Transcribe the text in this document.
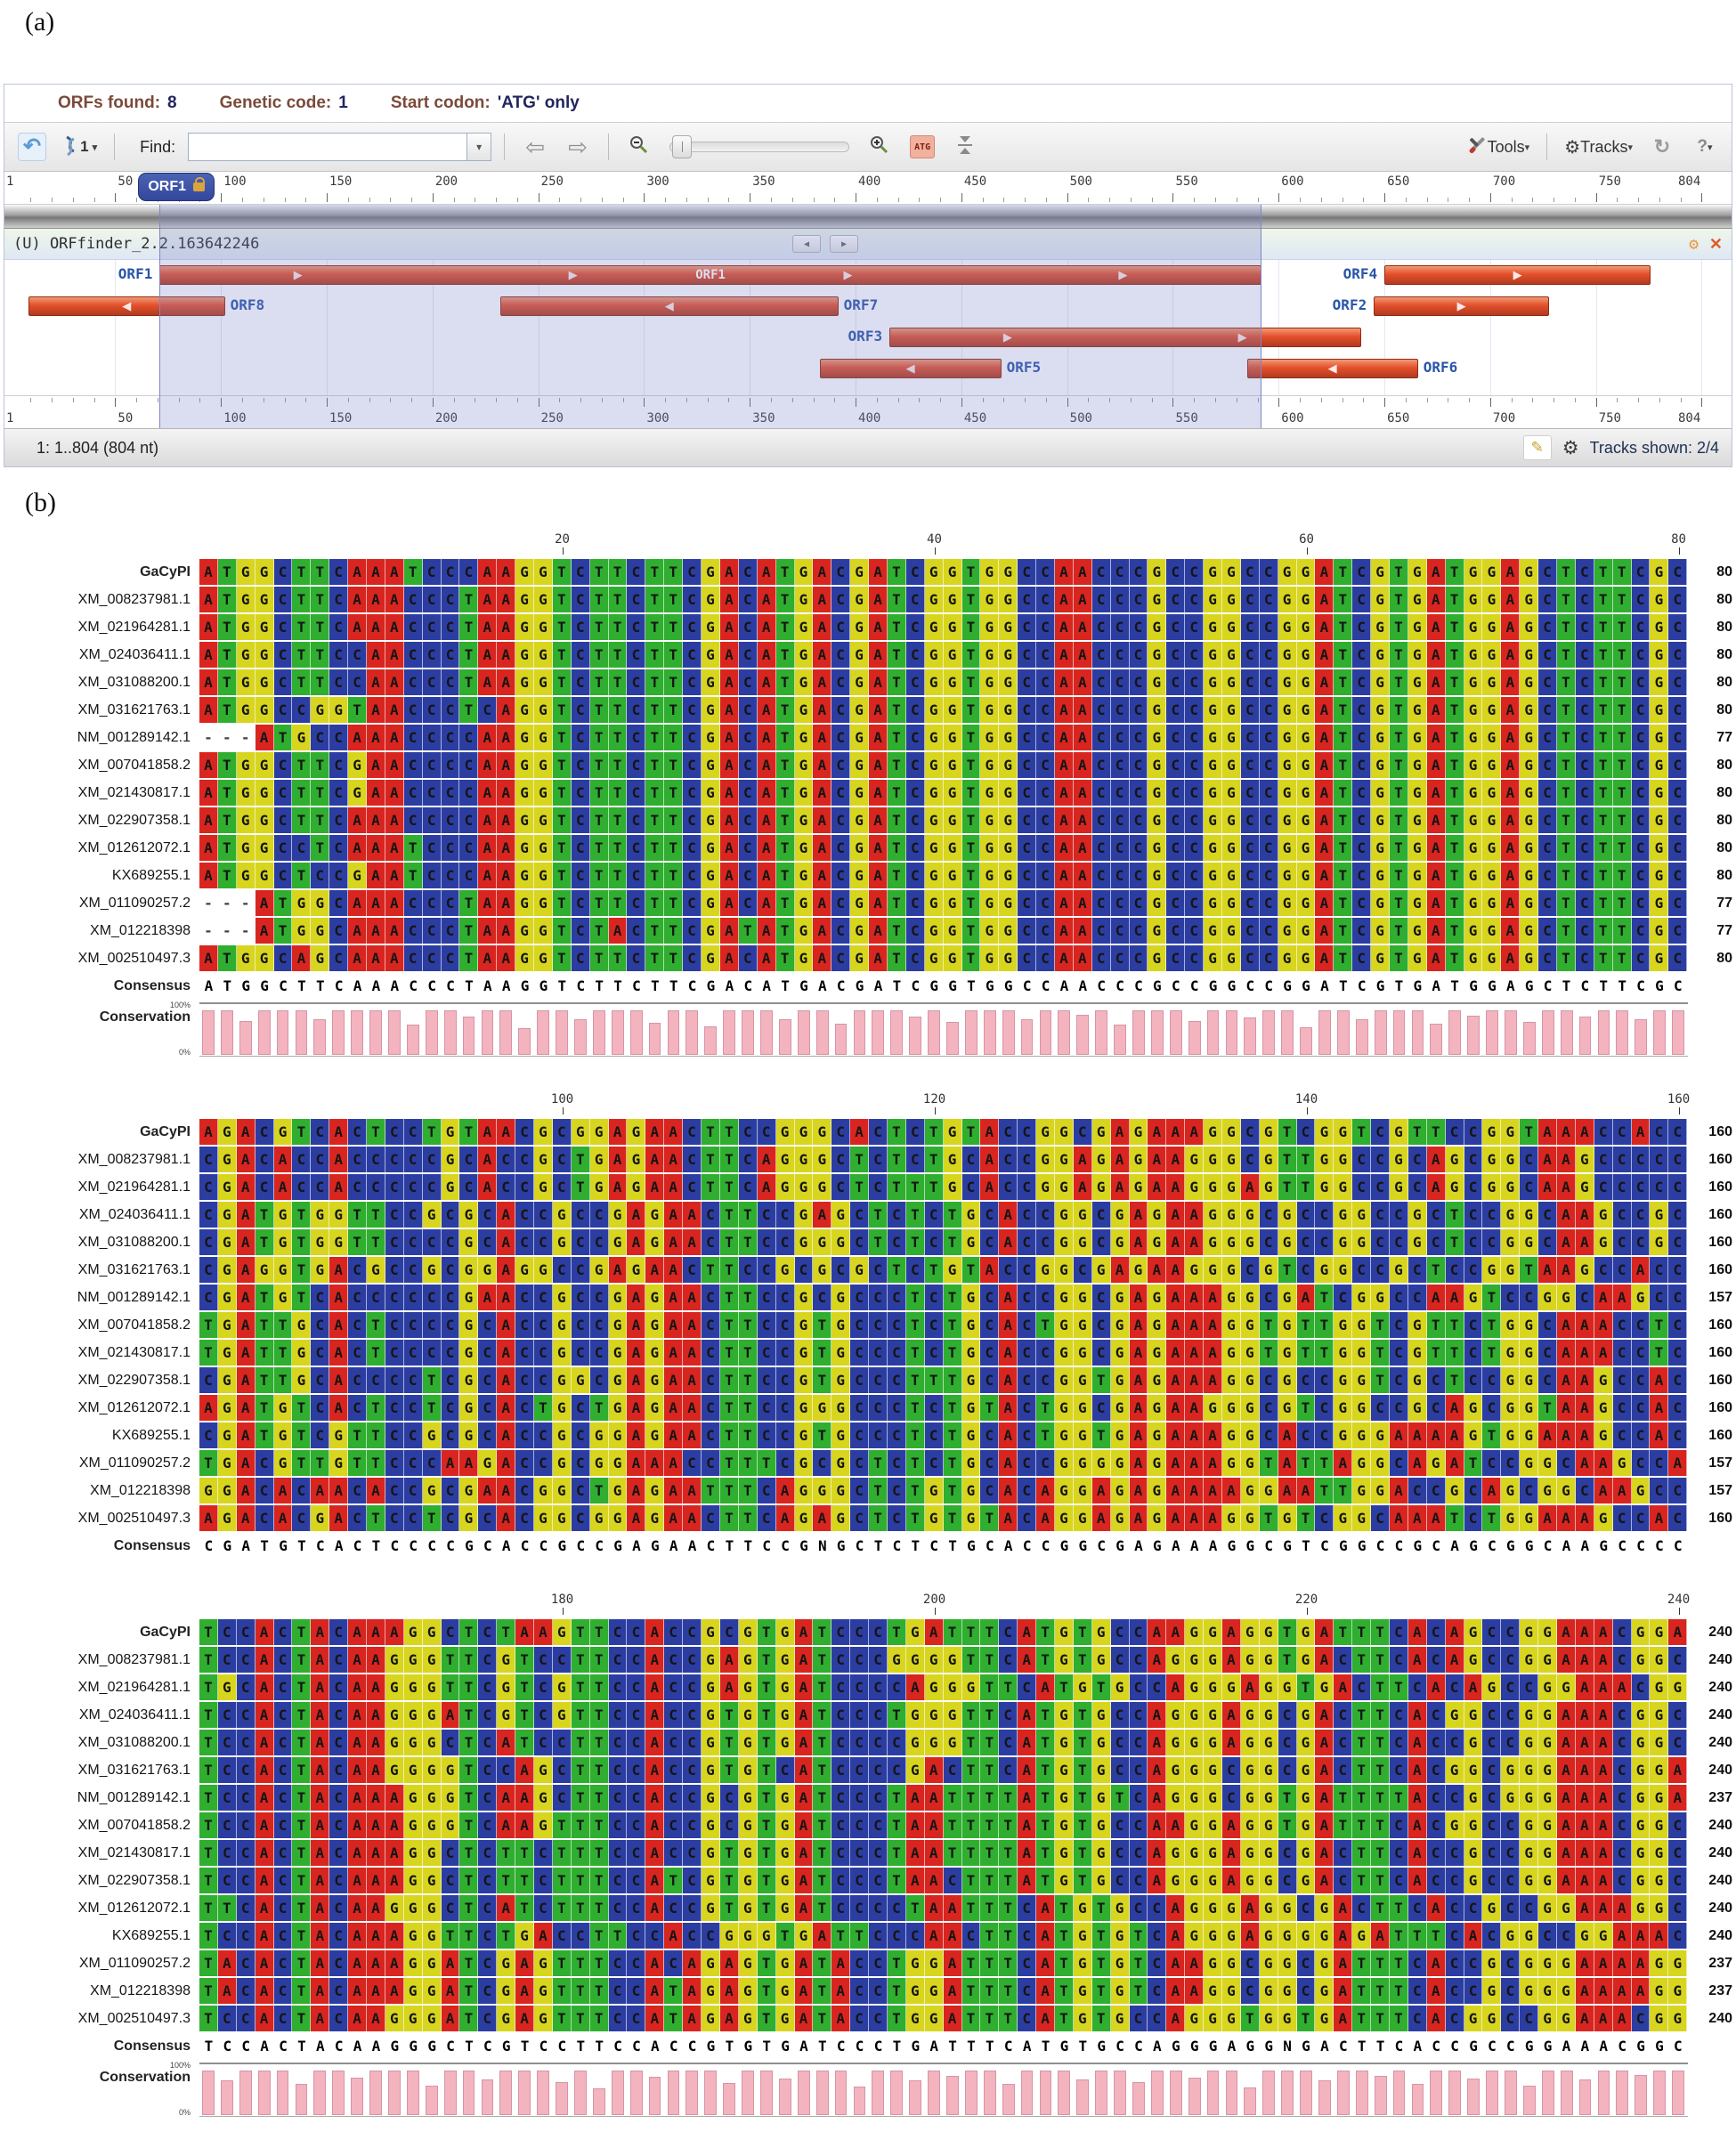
(a)
ORFs found: 8	Genetic code: 1	Start codon: 'ATG' only
↶	1 ▾	Find:	▾ ⇦ ⇨	ATG	Tools ▾ ⚙ Tracks ▾ ↻ ? ▾
50	100	150	200	250	300	350	400	450	500	550	600	650	700	750
1	804
(U) ORFfinder_2.2.163642246	◀	▶	⚙ ✕
▶	▶	▶	▶
ORF1
ORF1	▶
ORF4
◀	ORF8	◀	ORF7	▶
ORF2
▶	▶
ORF3
◀	ORF5	◀	ORF6
50	100	150	200	250	300	350	400	450	500	550	600	650	700	750
1	804
ORF1
1: 1..804 (804 nt)	✎ ⚙ Tracks shown: 2/4
(b)
20	40	60	80
GaCyPI A T G G C T T C A A A T C C C A A G G T C T T C T T C G A C A T G A C G A T C G G T G G C C A A C C C G C C G G C C G G A T C G T G A T G G A G C T C T T C G C	80
XM_008237981.1 A T G G C T T C A A A C C C T A A G G T C T T C T T C G A C A T G A C G A T C G G T G G C C A A C C C G C C G G C C G G A T C G T G A T G G A G C T C T T C G C	80
XM_021964281.1 A T G G C T T C A A A C C C T A A G G T C T T C T T C G A C A T G A C G A T C G G T G G C C A A C C C G C C G G C C G G A T C G T G A T G G A G C T C T T C G C	80
XM_024036411.1 A T G G C T T C C A A C C C T A A G G T C T T C T T C G A C A T G A C G A T C G G T G G C C A A C C C G C C G G C C G G A T C G T G A T G G A G C T C T T C G C	80
XM_031088200.1 A T G G C T T C C A A C C C T A A G G T C T T C T T C G A C A T G A C G A T C G G T G G C C A A C C C G C C G G C C G G A T C G T G A T G G A G C T C T T C G C	80
XM_031621763.1 A T G G C C G G T A A C C C T C A G G T C T T C T T C G A C A T G A C G A T C G G T G G C C A A C C C G C C G G C C G G A T C G T G A T G G A G C T C T T C G C	80
NM_001289142.1 - - - A T G C C A A A C C C C A A G G T C T T C T T C G A C A T G A C G A T C G G T G G C C A A C C C G C C G G C C G G A T C G T G A T G G A G C T C T T C G C	77
XM_007041858.2 A T G G C T T C G A A C C C C A A G G T C T T C T T C G A C A T G A C G A T C G G T G G C C A A C C C G C C G G C C G G A T C G T G A T G G A G C T C T T C G C	80
XM_021430817.1 A T G G C T T C G A A C C C C A A G G T C T T C T T C G A C A T G A C G A T C G G T G G C C A A C C C G C C G G C C G G A T C G T G A T G G A G C T C T T C G C	80
XM_022907358.1 A T G G C T T C A A A C C C C A A G G T C T T C T T C G A C A T G A C G A T C G G T G G C C A A C C C G C C G G C C G G A T C G T G A T G G A G C T C T T C G C	80
XM_012612072.1 A T G G C C T C A A A T C C C A A G G T C T T C T T C G A C A T G A C G A T C G G T G G C C A A C C C G C C G G C C G G A T C G T G A T G G A G C T C T T C G C	80
KX689255.1 A T G G C T C C G A A T C C C A A G G T C T T C T T C G A C A T G A C G A T C G G T G G C C A A C C C G C C G G C C G G A T C G T G A T G G A G C T C T T C G C	80
XM_011090257.2 - - - A T G G C A A A C C C T A A G G T C T T C T T C G A C A T G A C G A T C G G T G G C C A A C C C G C C G G C C G G A T C G T G A T G G A G C T C T T C G C	77
XM_012218398 - - - A T G G C A A A C C C T A A G G T C T A C T T C G A T A T G A C G A T C G G T G G C C A A C C C G C C G G C C G G A T C G T G A T G G A G C T C T T C G C	77
XM_002510497.3 A T G G C A G C A A A C C C T A A G G T C T T C T T C G A C A T G A C G A T C G G T G G C C A A C C C G C C G G C C G G A T C G T G A T G G A G C T C T T C G C	80
Consensus A T G G C T T C A A A C C C T A A G G T C T T C T T C G A C A T G A C G A T C G G T G G C C A A C C C G C C G G C C G G A T C G T G A T G G A G C T C T T C G C
100%
Conservation
0%
100	120	140	160
GaCyPI A G A C G T C A C T C C T G T A A C G C G G A G A A C T T C C G G G C A C T C T G T A C C G G C G A G A A A G G C G T C G G T C G T T C C G G T A A A C C A C C	160
XM_008237981.1 C G A C A C C A C C C C C G C A C C G C T G A G A A C T T C A G G G C T C T C T G C A C C G G A G A G A A G G G C G T T G G C C G C A G C G G C A A G C C C C C	160
XM_021964281.1 C G A C A C C A C C C C C G C A C C G C T G A G A A C T T C A G G G C T C T T T G C A C C G G A G A G A A G G G A G T T G G C C G C A G C G G C A A G C C C C C	160
XM_024036411.1 C G A T G T G G T T C C G C G C A C C G C C G A G A A C T T C C G A G C T C T C T G C A C C G G C G A G A A G G G C G C C G G C C G C T C C G G C A A G C C G C	160
XM_031088200.1 C G A T G T G G T T C C C C G C A C C G C C G A G A A C T T C C G G G C T C T C T G C A C C G G C G A G A A G G G C G C C G G C C G C T C C G G C A A G C C G C	160
XM_031621763.1 C G A G G T G A C G C C G C G G A G G C C G A G A A C T T C C G C G C G C T C T G T A C C G G C G A G A A G G G C G T C G G C C G C T C C G G T A A G C C A C C	160
NM_001289142.1 C G A T G T C A C C C C C C G A A C C G C C G A G A A C T T C C G C G C C C T C T G C A C C G G C G A G A A A G G C G A T C G G C C A A G T C C G G C A A G C C	157
XM_007041858.2 T G A T T G C A C T C C C C G C A C C G C C G A G A A C T T C C G T G C C C T C T G C A C T G G C G A G A A A G G T G T T G G T C G T T C T G G C A A A C C T C	160
XM_021430817.1 T G A T T G C A C T C C C C G C A C C G C C G A G A A C T T C C G T G C C C T C T G C A C C G G C G A G A A A G G T G T T G G T C G T T C T G G C A A A C C T C	160
XM_022907358.1 C G A T T G C A C C C C T C G C A C C G G C G A G A A C T T C C G T G C C C T T T G C A C C G G T G A G A A A G G C G C C G G T C G C T C C G G C A A G C C A C	160
XM_012612072.1 A G A T G T C A C T C C T C G C A C T G C T G A G A A C T T C C G G G C C C T C T G T A C T G G C G A G A A G G G C G T C G G C C G C A G C G G T A A G C C A C	160
KX689255.1 C G A T G T C G T T C C G C G C A C C G C G G A G A A C T T C C G T G C C C T C T G C A C T G G T G A G A A A G G C A C C G G G A A A A G T G G A A A G C C A C	160
XM_011090257.2 T G A C G T T G T T C C C A A G A C C G C G G A A A C C T T T C G C G C T C T C T G C A C C G G G G A G A A A G G T A T T A G G C A G A T C C G G C A A G C C A	157
XM_012218398 G G A C A C A A C A C C G C G A A C G G C T G A G A A T T T C A G G G C T C T G T G C A C A G G A G A G A A A A G G A A T T G G A C C G C A G C G G C A A G C C	157
XM_002510497.3 A G A C A C G A C T C C T C G C A C G G C G G A G A A C T T C A G A G C T C T G T G T A C A G G A G A G A A A G G T G T C G G C A A A T C T G G A A A G C C A C	160
Consensus C G A T G T C A C T C C C C G C A C C G C C G A G A A C T T C C G N G C T C T C T G C A C C G G C G A G A A A G G C G T C G G C C G C A G C G G C A A G C C C C
180	200	220	240
GaCyPI T C C A C T A C A A A G G C T C T A A G T T C C A C C G C G T G A T C C C T G A T T T C A T G T G C C A A G G A G G T G A T T T C A C A G C C G G A A A C G G A	240
XM_008237981.1 T C C A C T A C A A G G G T T C G T C C T T C C A C C G A G T G A T C C C G G G G T T C A T G T G C C A G G G A G G T G A C T T C A C A G C C G G A A A C G G C	240
XM_021964281.1 T G C A C T A C A A G G G T T C G T C G T T C C A C C G A G T G A T C C C C A G G G T T C A T G T G C C A G G G A G G T G A C T T C A C A G C C G G A A A C G G	240
XM_024036411.1 T C C A C T A C A A G G G A T C G T C G T T C C A C C G T G T G A T C C C T G G G T T C A T G T G C C A G G G A G G C G A C T T C A C G G C C G G A A A C G G C	240
XM_031088200.1 T C C A C T A C A A G G G C T C A T C C T T C C A C C G T G T G A T C C C C G G G T T C A T G T G C C A G G G A G G C G A C T T C A C C G C C G G A A A C G G C	240
XM_031621763.1 T C C A C T A C A A G G G G T C C A G C T T C C A C C G T G T C A T C C C C G A C T T C A T G T G C C A G G G C G G C G A C T T C A C G G C G G G A A A C G G A	240
NM_001289142.1 T C C A C T A C A A A G G G T C A A G C T T C C A C C G C G T G A T C C C T A A T T T T A T G T G T C A G G G C G G T G A T T T T A C C G C G G G A A A C G G A	237
XM_007041858.2 T C C A C T A C A A A G G G T C A A G T T T C C A C C G C G T G A T C C C T A A T T T T A T G T G C C A A G G A G G T G A T T T C A C G G C C G G A A A C G G C	240
XM_021430817.1 T C C A C T A C A A A G G C T C T T C T T T C C A C C G T G T G A T C C C T A A T T T T A T G T G C C A G G G A G G C G A C T T C A C C G C C G G A A A C G G C	240
XM_022907358.1 T C C A C T A C A A A G G C T C T T C T T T C C A T C G T G T G A T C C C T A A C T T T A T G T G C C A G G G A G G C G A C T T C A C C G C C G G A A A C G G C	240
XM_012612072.1 T T C A C T A C A A G G G C T C A T C T T T C C A C C G T G T G A T C C C C T A A T T T C A T G T G C C A G G G A G G C G A C T T C A C C G C C G G A A A G G C	240
KX689255.1 T C C A C T A C A A A G G T T C T G A C C T T C C A C C G G G T G A T T C C C A A C T T C A T G T G T C A G G G A G G G G A G A T T T C A C G G C C G G A A A C	240
XM_011090257.2 T A C A C T A C A A A G G A T C G A G T T T C C A C A G A G T G A T A C C T G G A T T T C A T G T G T C A A G G C G G C G A T T T C A C C G C G G G A A A A G G	237
XM_012218398 T A C A C T A C A A A G G A T C G A G T T T C C A T A G A G T G A T A C C T G G A T T T C A T G T G T C A A G G C G G C G A T T T C A C C G C G G G A A A A G G	237
XM_002510497.3 T C C A C T A C A A G G G A T C G A G T T T C C A T A G A G T G A T A C C T G G A T T T C A T G T G C C A G G G T G G T G A T T T C A C G G C C G G A A A C G G	240
Consensus T C C A C T A C A A G G G C T C G T C C T T C C A C C G T G T G A T C C C T G A T T T C A T G T G C C A G G G A G G N G A C T T C A C C G C C G G A A A C G G C
100%
Conservation
0%
